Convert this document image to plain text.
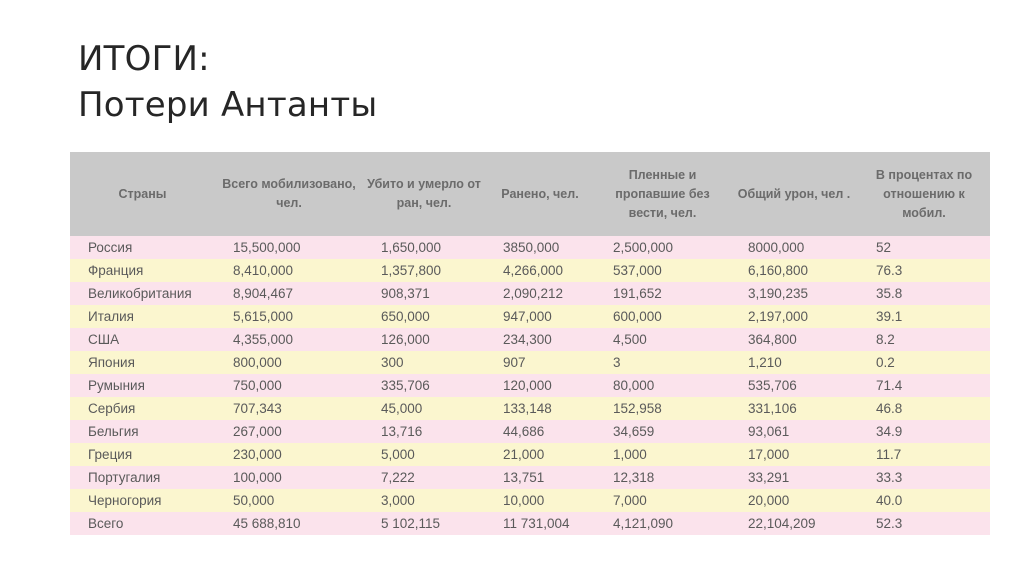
ИТОГИ:
Потери Антанты
Страны	Всего мобилизовано, чел.	Убито и умерло от ран, чел.	Ранено, чел.	Пленные и пропавшие без вести, чел.	Общий урон, чел .	В процентах по отношению к мобил.
Россия	15,500,000	1,650,000	3850,000	2,500,000	8000,000	52
Франция	8,410,000	1,357,800	4,266,000	537,000	6,160,800	76.3
Великобритания	8,904,467	908,371	2,090,212	191,652	3,190,235	35.8
Италия	5,615,000	650,000	947,000	600,000	2,197,000	39.1
США	4,355,000	126,000	234,300	4,500	364,800	8.2
Япония	800,000	300	907	3	1,210	0.2
Румыния	750,000	335,706	120,000	80,000	535,706	71.4
Сербия	707,343	45,000	133,148	152,958	331,106	46.8
Бельгия	267,000	13,716	44,686	34,659	93,061	34.9
Греция	230,000	5,000	21,000	1,000	17,000	11.7
Португалия	100,000	7,222	13,751	12,318	33,291	33.3
Черногория	50,000	3,000	10,000	7,000	20,000	40.0
Всего	45 688,810	5 102,115	11 731,004	4,121,090	22,104,209	52.3
